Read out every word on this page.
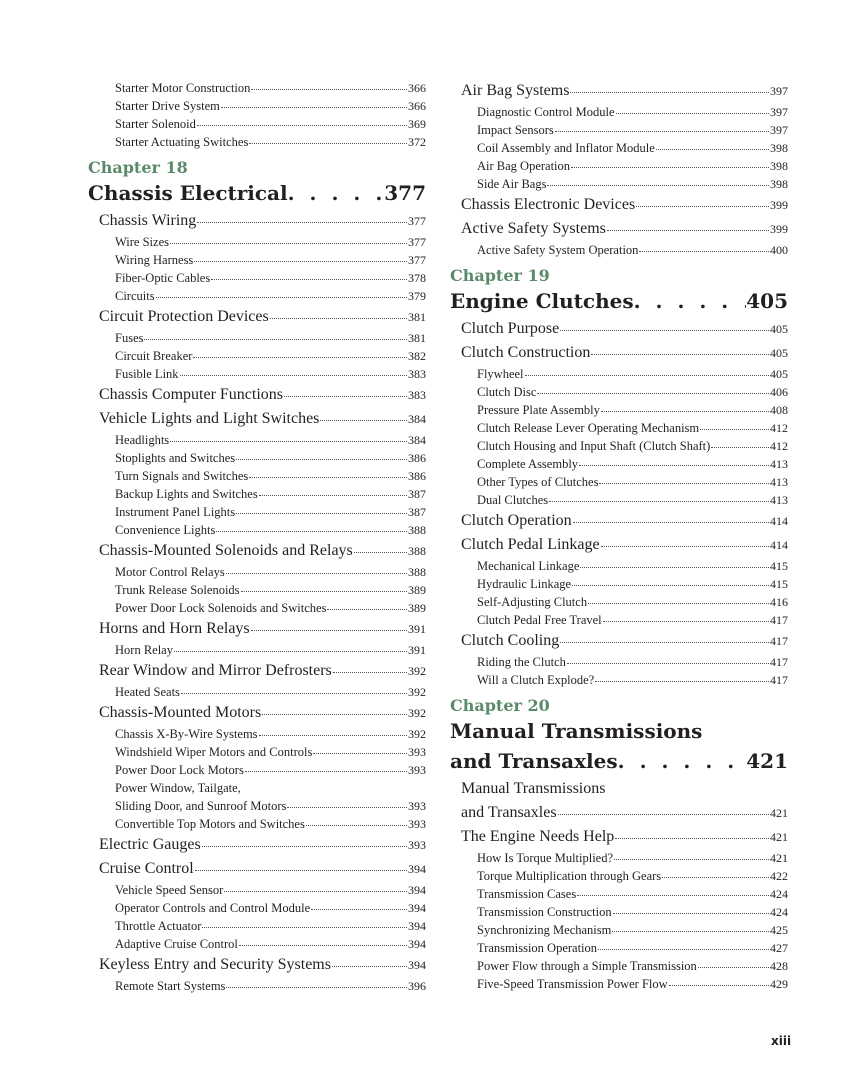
Starter Motor Construction	366
Starter Drive System	366
Starter Solenoid	369
Starter Actuating Switches	372
Chapter 18
Chassis Electrical . . .	377
Chassis Wiring	377
Wire Sizes	377
Wiring Harness	377
Fiber-Optic Cables	378
Circuits	379
Circuit Protection Devices	381
Fuses	381
Circuit Breaker	382
Fusible Link	383
Chassis Computer Functions	383
Vehicle Lights and Light Switches	384
Headlights	384
Stoplights and Switches	386
Turn Signals and Switches	386
Backup Lights and Switches	387
Instrument Panel Lights	387
Convenience Lights	388
Chassis-Mounted Solenoids and Relays	388
Motor Control Relays	388
Trunk Release Solenoids	389
Power Door Lock Solenoids and Switches	389
Horns and Horn Relays	391
Horn Relay	391
Rear Window and Mirror Defrosters	392
Heated Seats	392
Chassis-Mounted Motors	392
Chassis X-By-Wire Systems	392
Windshield Wiper Motors and Controls	393
Power Door Lock Motors	393
Power Window, Tailgate,
Sliding Door, and Sunroof Motors	393
Convertible Top Motors and Switches	393
Electric Gauges	393
Cruise Control	394
Vehicle Speed Sensor	394
Operator Controls and Control Module	394
Throttle Actuator	394
Adaptive Cruise Control	394
Keyless Entry and Security Systems	394
Remote Start Systems	396
Air Bag Systems	397
Diagnostic Control Module	397
Impact Sensors	397
Coil Assembly and Inflator Module	398
Air Bag Operation	398
Side Air Bags	398
Chassis Electronic Devices	399
Active Safety Systems	399
Active Safety System Operation	400
Chapter 19
Engine Clutches . . .	405
Clutch Purpose	405
Clutch Construction	405
Flywheel	405
Clutch Disc	406
Pressure Plate Assembly	408
Clutch Release Lever Operating Mechanism	412
Clutch Housing and Input Shaft (Clutch Shaft)	412
Complete Assembly	413
Other Types of Clutches	413
Dual Clutches	413
Clutch Operation	414
Clutch Pedal Linkage	414
Mechanical Linkage	415
Hydraulic Linkage	415
Self-Adjusting Clutch	416
Clutch Pedal Free Travel	417
Clutch Cooling	417
Riding the Clutch	417
Will a Clutch Explode?	417
Chapter 20
Manual Transmissions
and Transaxles . . .	421
Manual Transmissions
and Transaxles	421
The Engine Needs Help	421
How Is Torque Multiplied?	421
Torque Multiplication through Gears	422
Transmission Cases	424
Transmission Construction	424
Synchronizing Mechanism	425
Transmission Operation	427
Power Flow through a Simple Transmission	428
Five-Speed Transmission Power Flow	429
xiii
